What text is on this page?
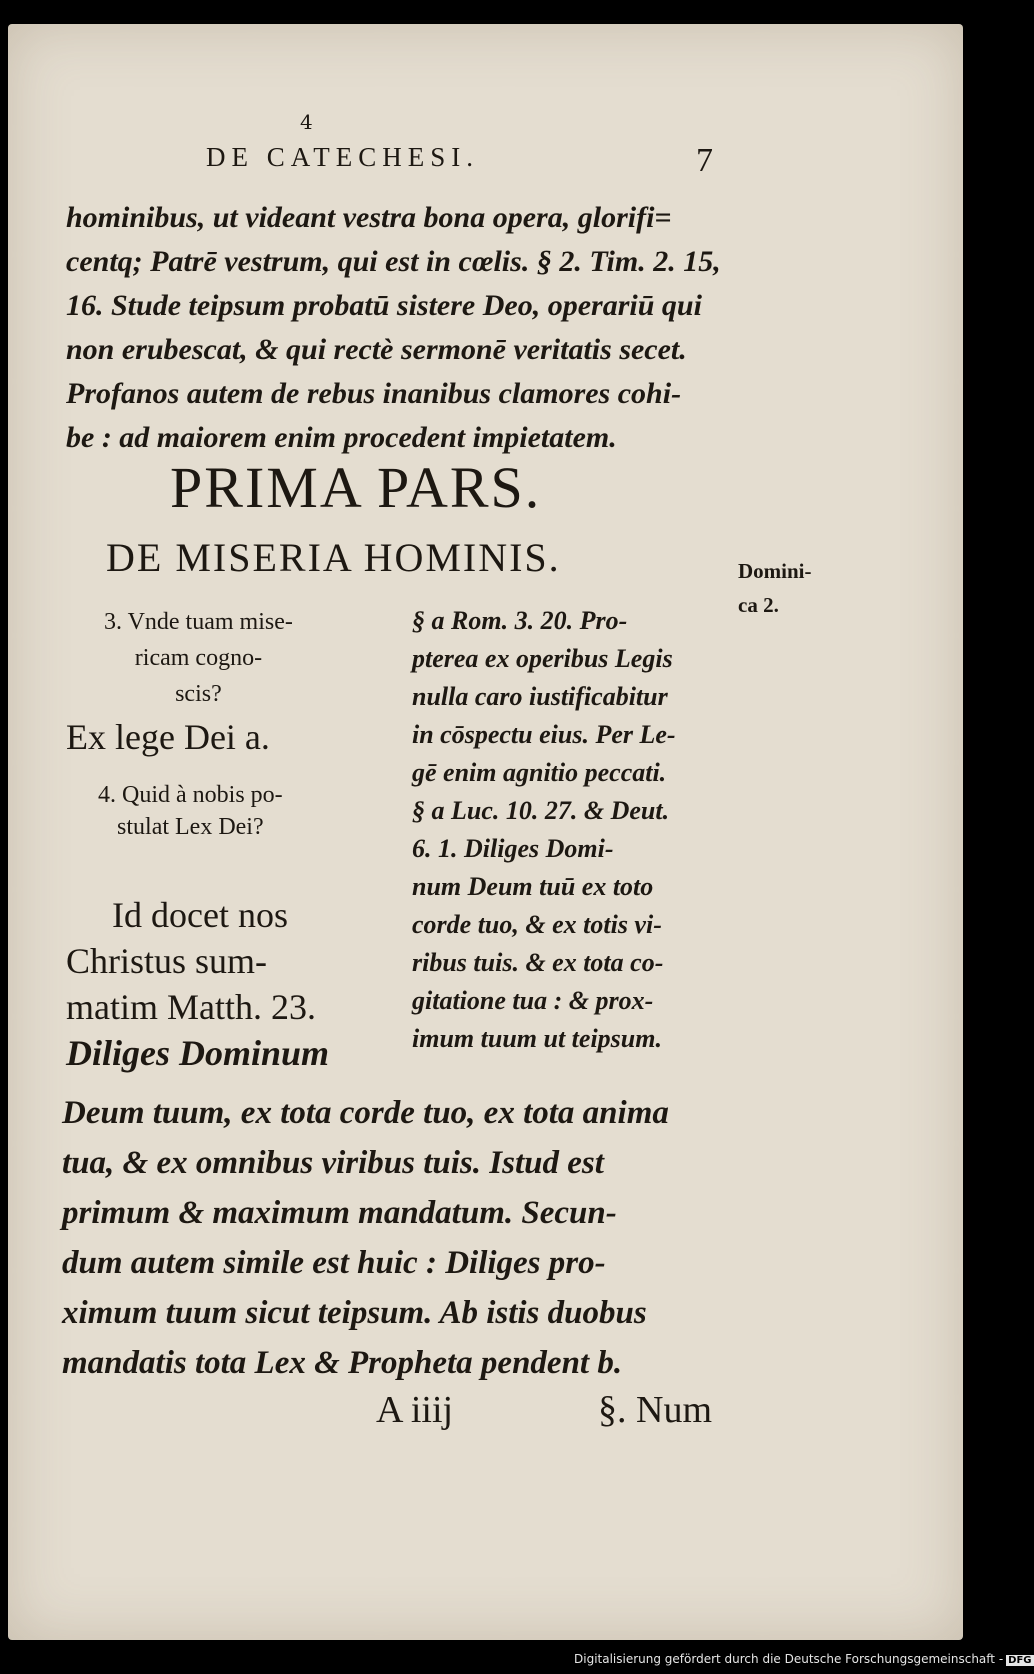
4
DE CATECHESI.	7
hominibus, ut videant vestra bona opera, glorifi=
centq; Patrē vestrum, qui est in cœlis. § 2. Tim. 2. 15,
16. Stude teipsum probatū sistere Deo, operariū qui
non erubescat, & qui rectè sermonē veritatis secet.
Profanos autem de rebus inanibus clamores cohi-
be : ad maiorem enim procedent impietatem.
PRIMA PARS.
DE MISERIA HOMINIS.	Domini-
ca 2.
3. Vnde tuam mise-
ricam cogno-
scis?
Ex lege Dei a.
4. Quid à nobis po-
stulat Lex Dei?
Id docet nos
Christus sum-
matim Matth. 23.
Diliges Dominum
§ a Rom. 3. 20. Pro-
pterea ex operibus Legis
nulla caro iustificabitur
in cōspectu eius. Per Le-
gē enim agnitio peccati.
§ a Luc. 10. 27. & Deut.
6. 1. Diliges Domi-
num Deum tuū ex toto
corde tuo, & ex totis vi-
ribus tuis. & ex tota co-
gitatione tua : & prox-
imum tuum ut teipsum.
Deum tuum, ex tota corde tuo, ex tota anima
tua, & ex omnibus viribus tuis. Istud est
primum & maximum mandatum. Secun-
dum autem simile est huic : Diliges pro-
ximum tuum sicut teipsum. Ab istis duobus
mandatis tota Lex & Propheta pendent b.
A iiij	§. Num
Digitalisierung gefördert durch die Deutsche Forschungsgemeinschaft - DFG
